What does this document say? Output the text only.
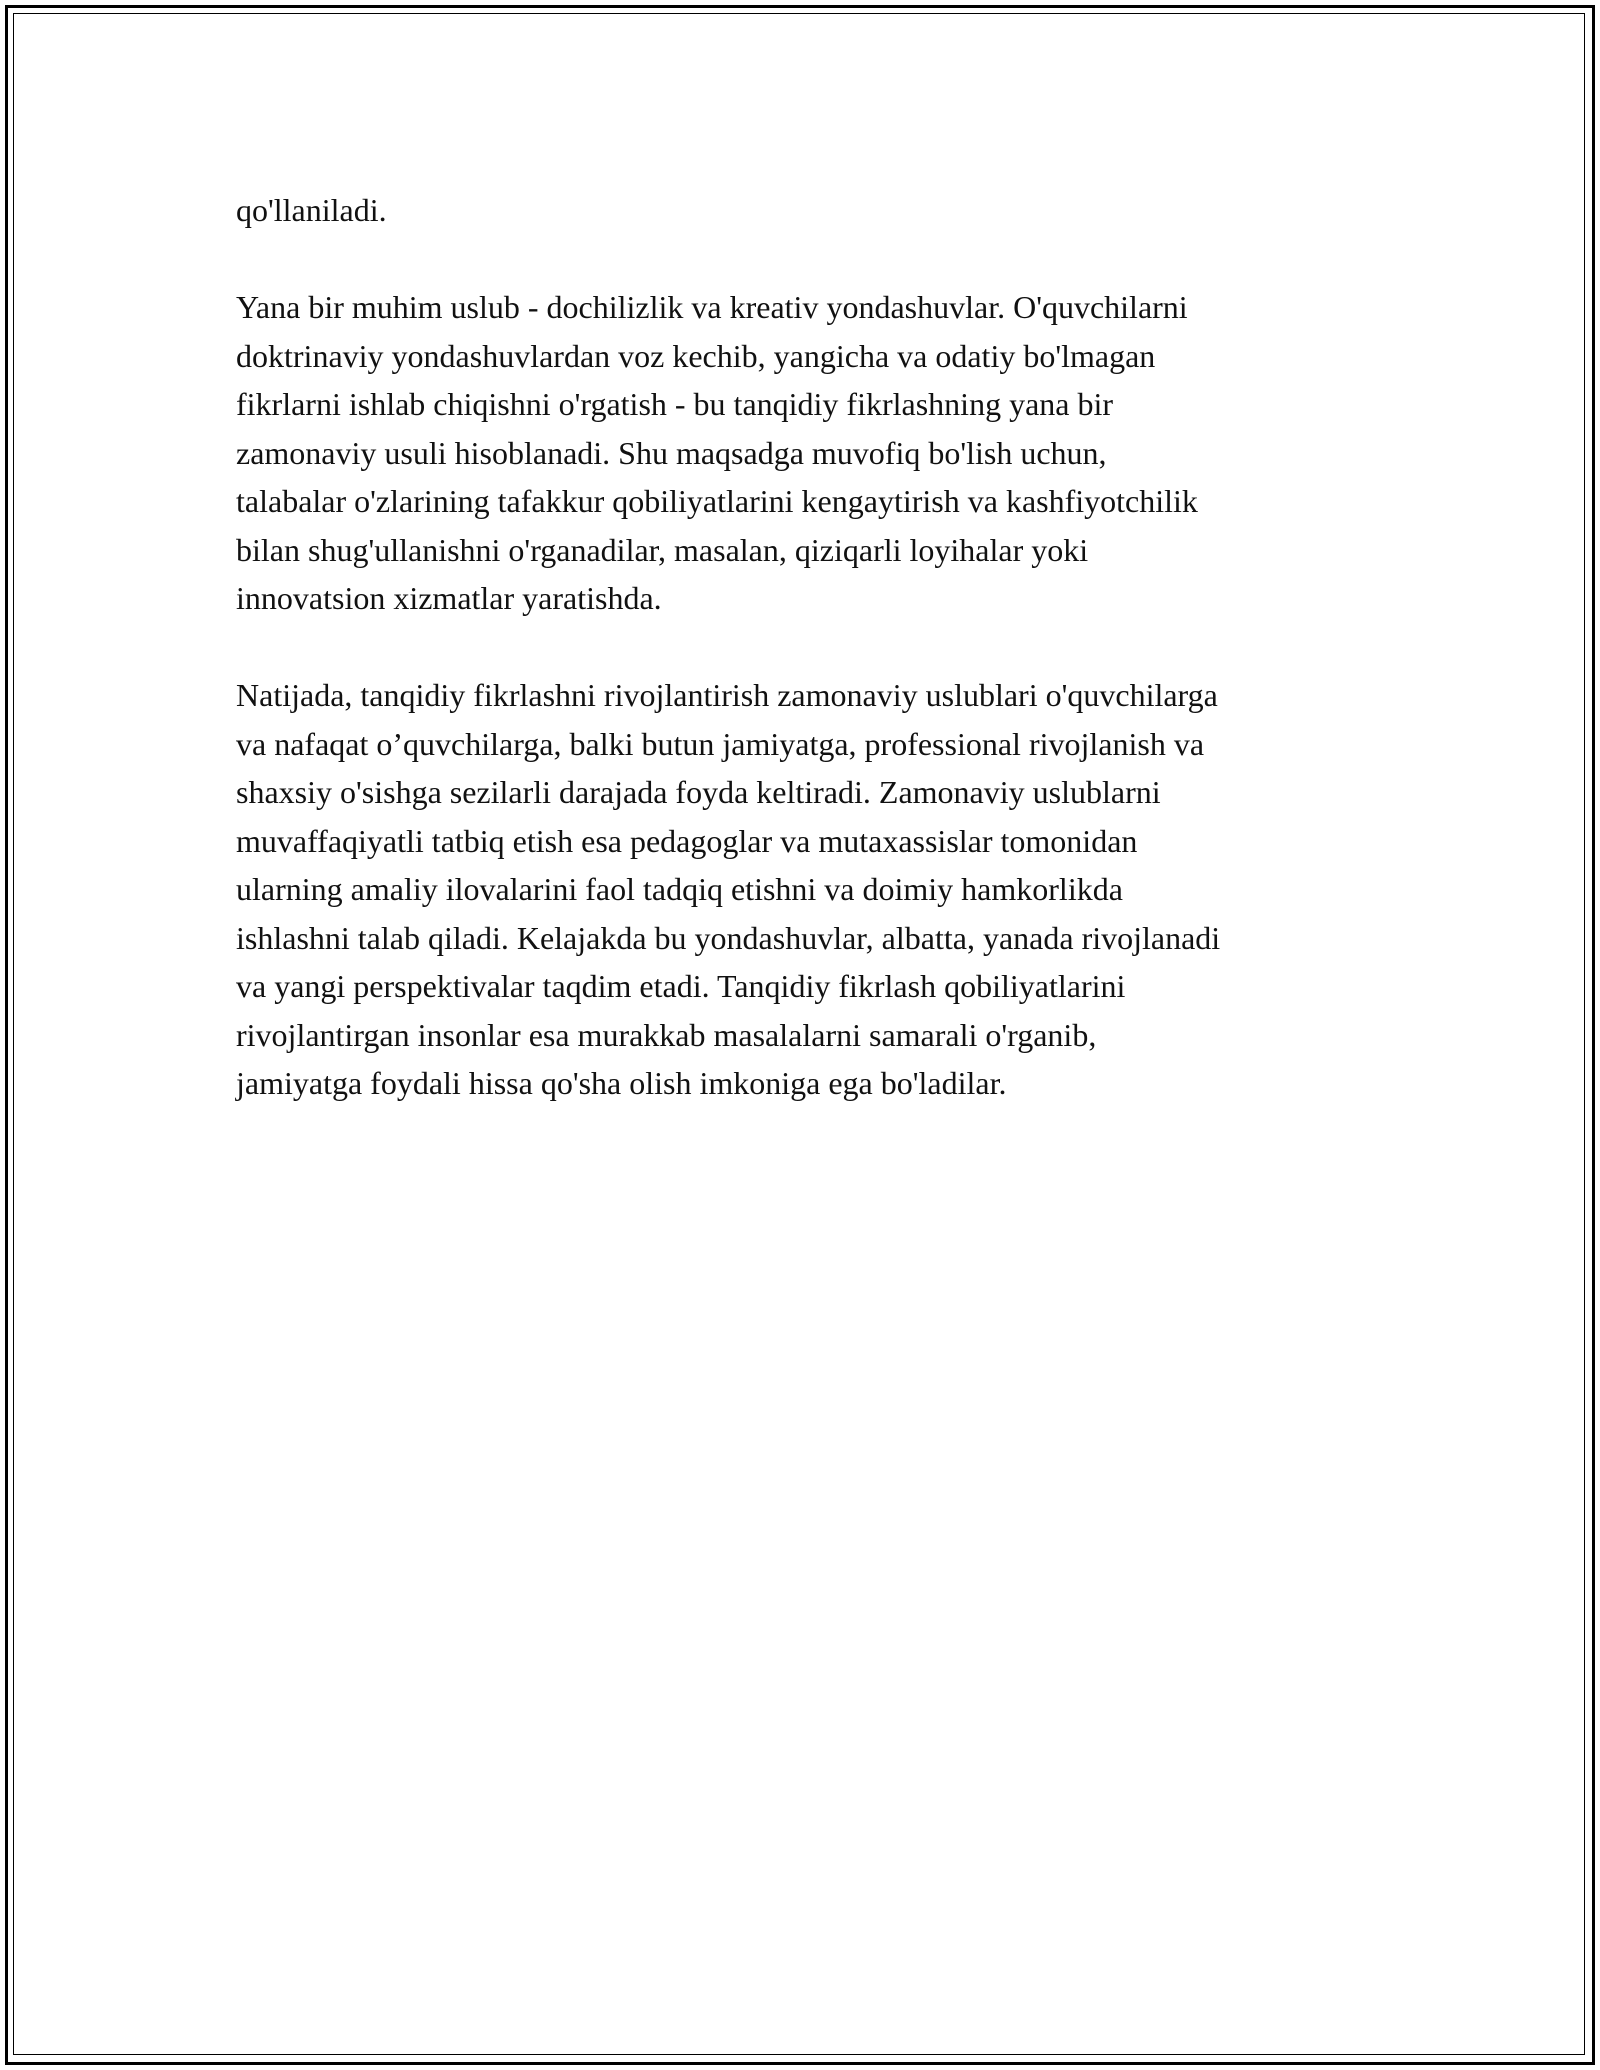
qo'llaniladi.

Yana bir muhim uslub - dochilizlik va kreativ yondashuvlar. O'quvchilarni
doktrinaviy yondashuvlardan voz kechib, yangicha va odatiy bo'lmagan
fikrlarni ishlab chiqishni o'rgatish - bu tanqidiy fikrlashning yana bir
zamonaviy usuli hisoblanadi. Shu maqsadga muvofiq bo'lish uchun,
talabalar o'zlarining tafakkur qobiliyatlarini kengaytirish va kashfiyotchilik
bilan shug'ullanishni o'rganadilar, masalan, qiziqarli loyihalar yoki
innovatsion xizmatlar yaratishda.

Natijada, tanqidiy fikrlashni rivojlantirish zamonaviy uslublari o'quvchilarga
va nafaqat o’quvchilarga, balki butun jamiyatga, professional rivojlanish va
shaxsiy o'sishga sezilarli darajada foyda keltiradi. Zamonaviy uslublarni
muvaffaqiyatli tatbiq etish esa pedagoglar va mutaxassislar tomonidan
ularning amaliy ilovalarini faol tadqiq etishni va doimiy hamkorlikda
ishlashni talab qiladi. Kelajakda bu yondashuvlar, albatta, yanada rivojlanadi
va yangi perspektivalar taqdim etadi. Tanqidiy fikrlash qobiliyatlarini
rivojlantirgan insonlar esa murakkab masalalarni samarali o'rganib,
jamiyatga foydali hissa qo'sha olish imkoniga ega bo'ladilar.
